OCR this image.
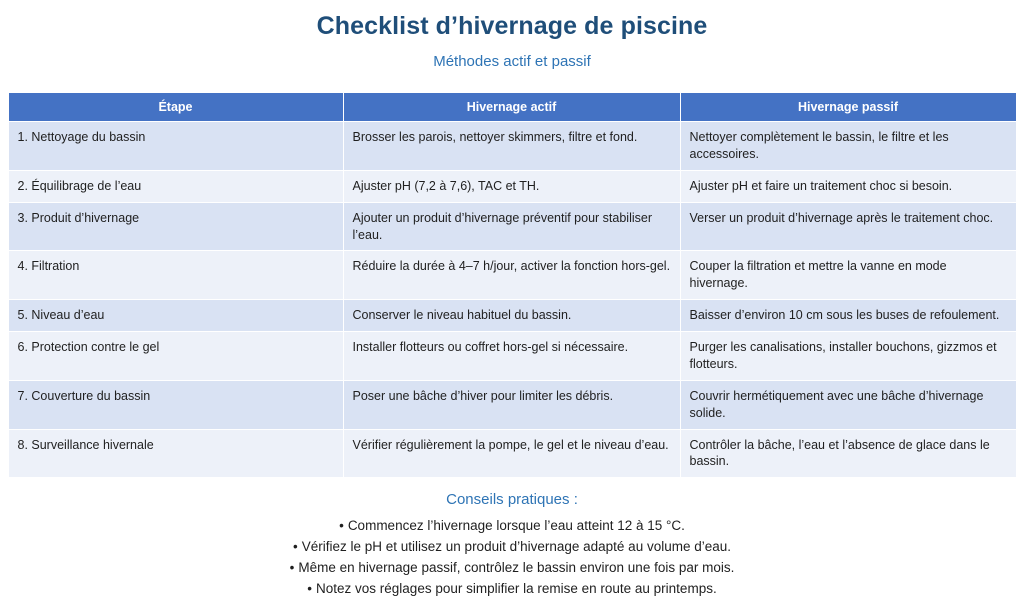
Checklist d’hivernage de piscine
Méthodes actif et passif
Étape	Hivernage actif	Hivernage passif
1. Nettoyage du bassin	Brosser les parois, nettoyer skimmers, filtre et fond.	Nettoyer complètement le bassin, le filtre et les accessoires.
2. Équilibrage de l’eau	Ajuster pH (7,2 à 7,6), TAC et TH.	Ajuster pH et faire un traitement choc si besoin.
3. Produit d’hivernage	Ajouter un produit d’hivernage préventif pour stabiliser l’eau.	Verser un produit d’hivernage après le traitement choc.
4. Filtration	Réduire la durée à 4–7 h/jour, activer la fonction hors-gel.	Couper la filtration et mettre la vanne en mode hivernage.
5. Niveau d’eau	Conserver le niveau habituel du bassin.	Baisser d’environ 10 cm sous les buses de refoulement.
6. Protection contre le gel	Installer flotteurs ou coffret hors-gel si nécessaire.	Purger les canalisations, installer bouchons, gizzmos et flotteurs.
7. Couverture du bassin	Poser une bâche d’hiver pour limiter les débris.	Couvrir hermétiquement avec une bâche d’hivernage solide.
8. Surveillance hivernale	Vérifier régulièrement la pompe, le gel et le niveau d’eau.	Contrôler la bâche, l’eau et l’absence de glace dans le bassin.
Conseils pratiques :
• Commencez l’hivernage lorsque l’eau atteint 12 à 15 °C.
• Vérifiez le pH et utilisez un produit d’hivernage adapté au volume d’eau.
• Même en hivernage passif, contrôlez le bassin environ une fois par mois.
• Notez vos réglages pour simplifier la remise en route au printemps.
